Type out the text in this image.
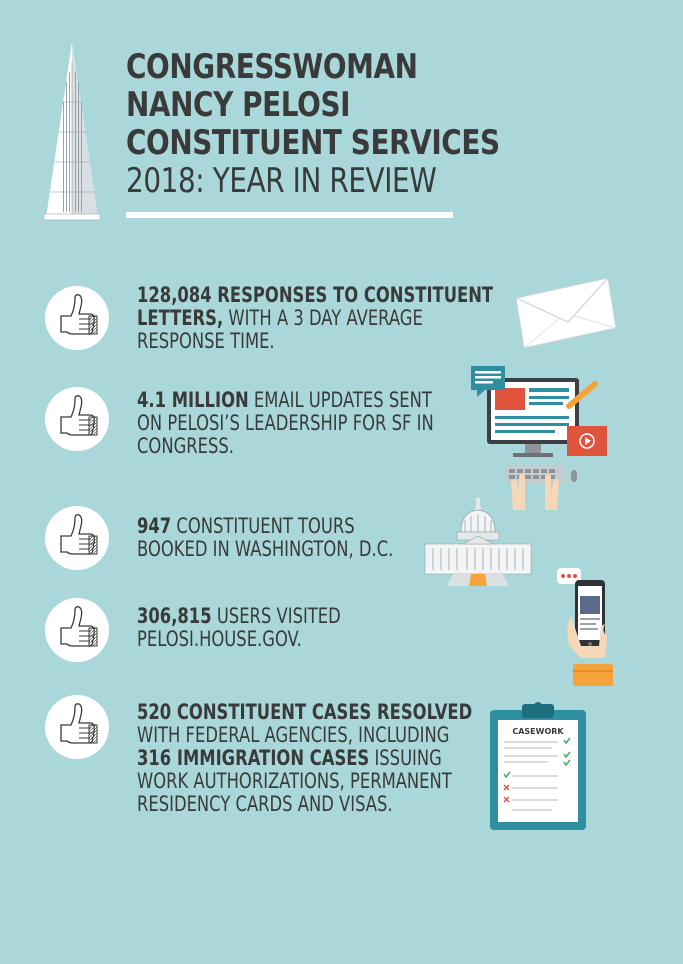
CONGRESSWOMAN
NANCY PELOSI
CONSTITUENT SERVICES
2018: YEAR IN REVIEW
128,084 RESPONSES TO CONSTITUENT
LETTERS, WITH A 3 DAY AVERAGE
RESPONSE TIME.
4.1 MILLION EMAIL UPDATES SENT
ON PELOSI’S LEADERSHIP FOR SF IN
CONGRESS.
947 CONSTITUENT TOURS
BOOKED IN WASHINGTON, D.C.
306,815 USERS VISITED
PELOSI.HOUSE.GOV.
520 CONSTITUENT CASES RESOLVED
WITH FEDERAL AGENCIES, INCLUDING
316 IMMIGRATION CASES ISSUING
WORK AUTHORIZATIONS, PERMANENT
RESIDENCY CARDS AND VISAS.
CASEWORK
